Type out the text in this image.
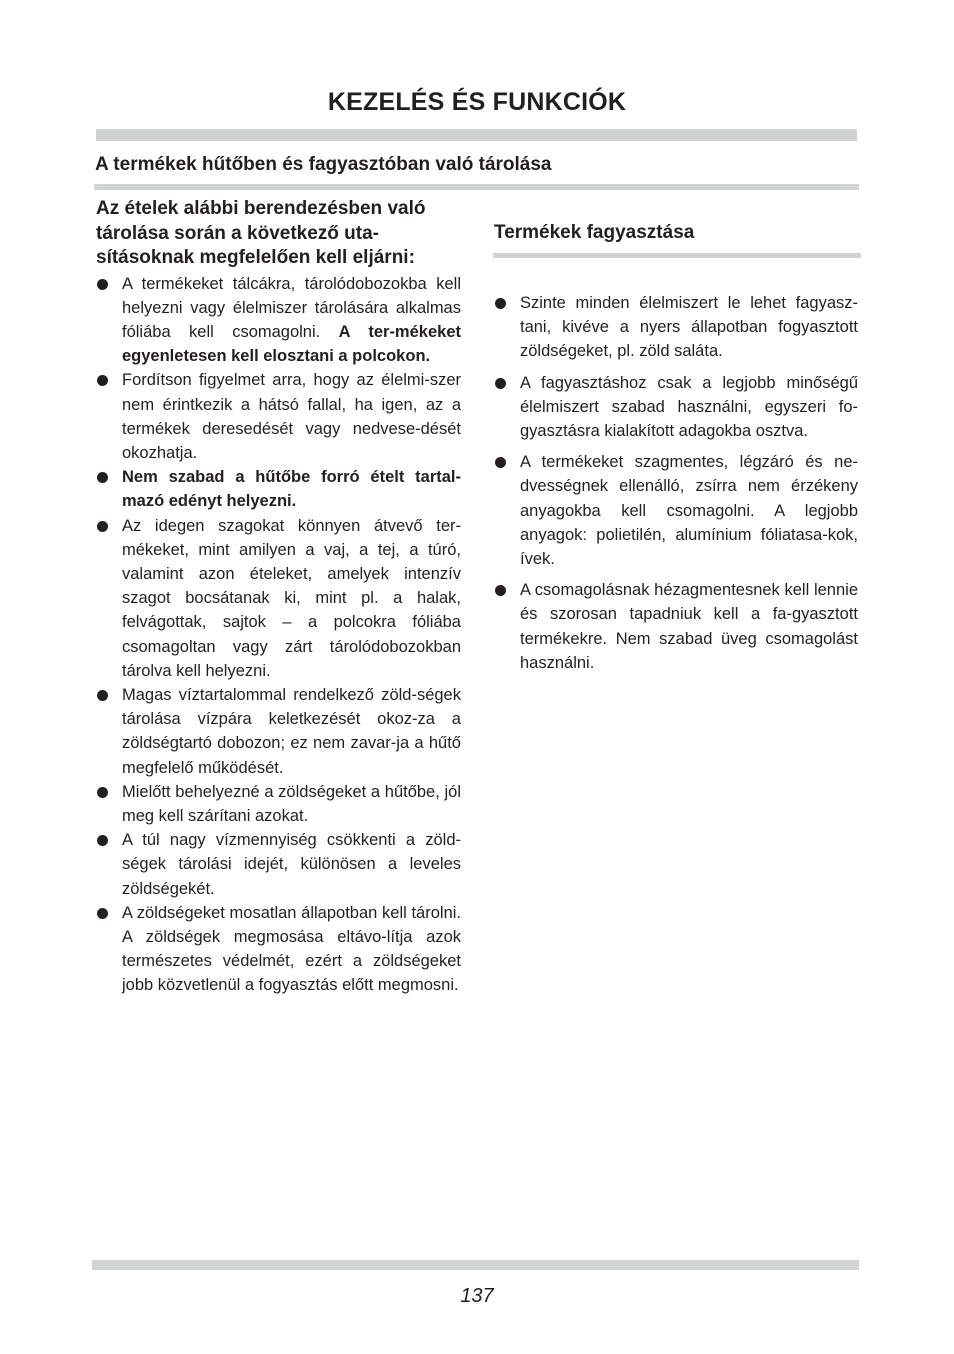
KEZELÉS ÉS FUNKCIÓK
A termékek hűtőben és fagyasztóban való tárolása

Az ételek alábbi berendezésben való tárolása során a következő uta-sításoknak megfelelően kell eljárni:

A termékeket tálcákra, tárolódobozokba kell helyezni vagy élelmiszer tárolására alkalmas fóliába kell csomagolni. A ter-mékeket egyenletesen kell elosztani a polcokon.
Fordítson figyelmet arra, hogy az élelmi-szer nem érintkezik a hátsó fallal, ha igen, az a termékek deresedését vagy nedvese-dését okozhatja.
Nem szabad a hűtőbe forró ételt tartal-mazó edényt helyezni.
Az idegen szagokat könnyen átvevő ter-mékeket, mint amilyen a vaj, a tej, a túró, valamint azon ételeket, amelyek intenzív szagot bocsátanak ki, mint pl. a halak, felvágottak, sajtok – a polcokra fóliába csomagoltan vagy zárt tárolódobozokban tárolva kell helyezni.
Magas víztartalommal rendelkező zöld-ségek tárolása vízpára keletkezését okoz-za a zöldségtartó dobozon; ez nem zavar-ja a hűtő megfelelő működését.
Mielőtt behelyezné a zöldségeket a hűtőbe, jól meg kell szárítani azokat.
A túl nagy vízmennyiség csökkenti a zöld-ségek tárolási idejét, különösen a leveles zöldségekét.
A zöldségeket mosatlan állapotban kell tárolni. A zöldségek megmosása eltávo-lítja azok természetes védelmét, ezért a zöldségeket jobb közvetlenül a fogyasztás előtt megmosni.

Termékek fagyasztása

Szinte minden élelmiszert le lehet fagyasz-tani, kivéve a nyers állapotban fogyasztott zöldségeket, pl. zöld saláta.
A fagyasztáshoz csak a legjobb minőségű élelmiszert szabad használni, egyszeri fo-gyasztásra kialakított adagokba osztva.
A termékeket szagmentes, légzáró és ne-dvességnek ellenálló, zsírra nem érzékeny anyagokba kell csomagolni. A legjobb anyagok: polietilén, alumínium fóliatasa-kok, ívek.
A csomagolásnak hézagmentesnek kell lennie és szorosan tapadniuk kell a fa-gyasztott termékekre. Nem szabad üveg csomagolást használni.
137
